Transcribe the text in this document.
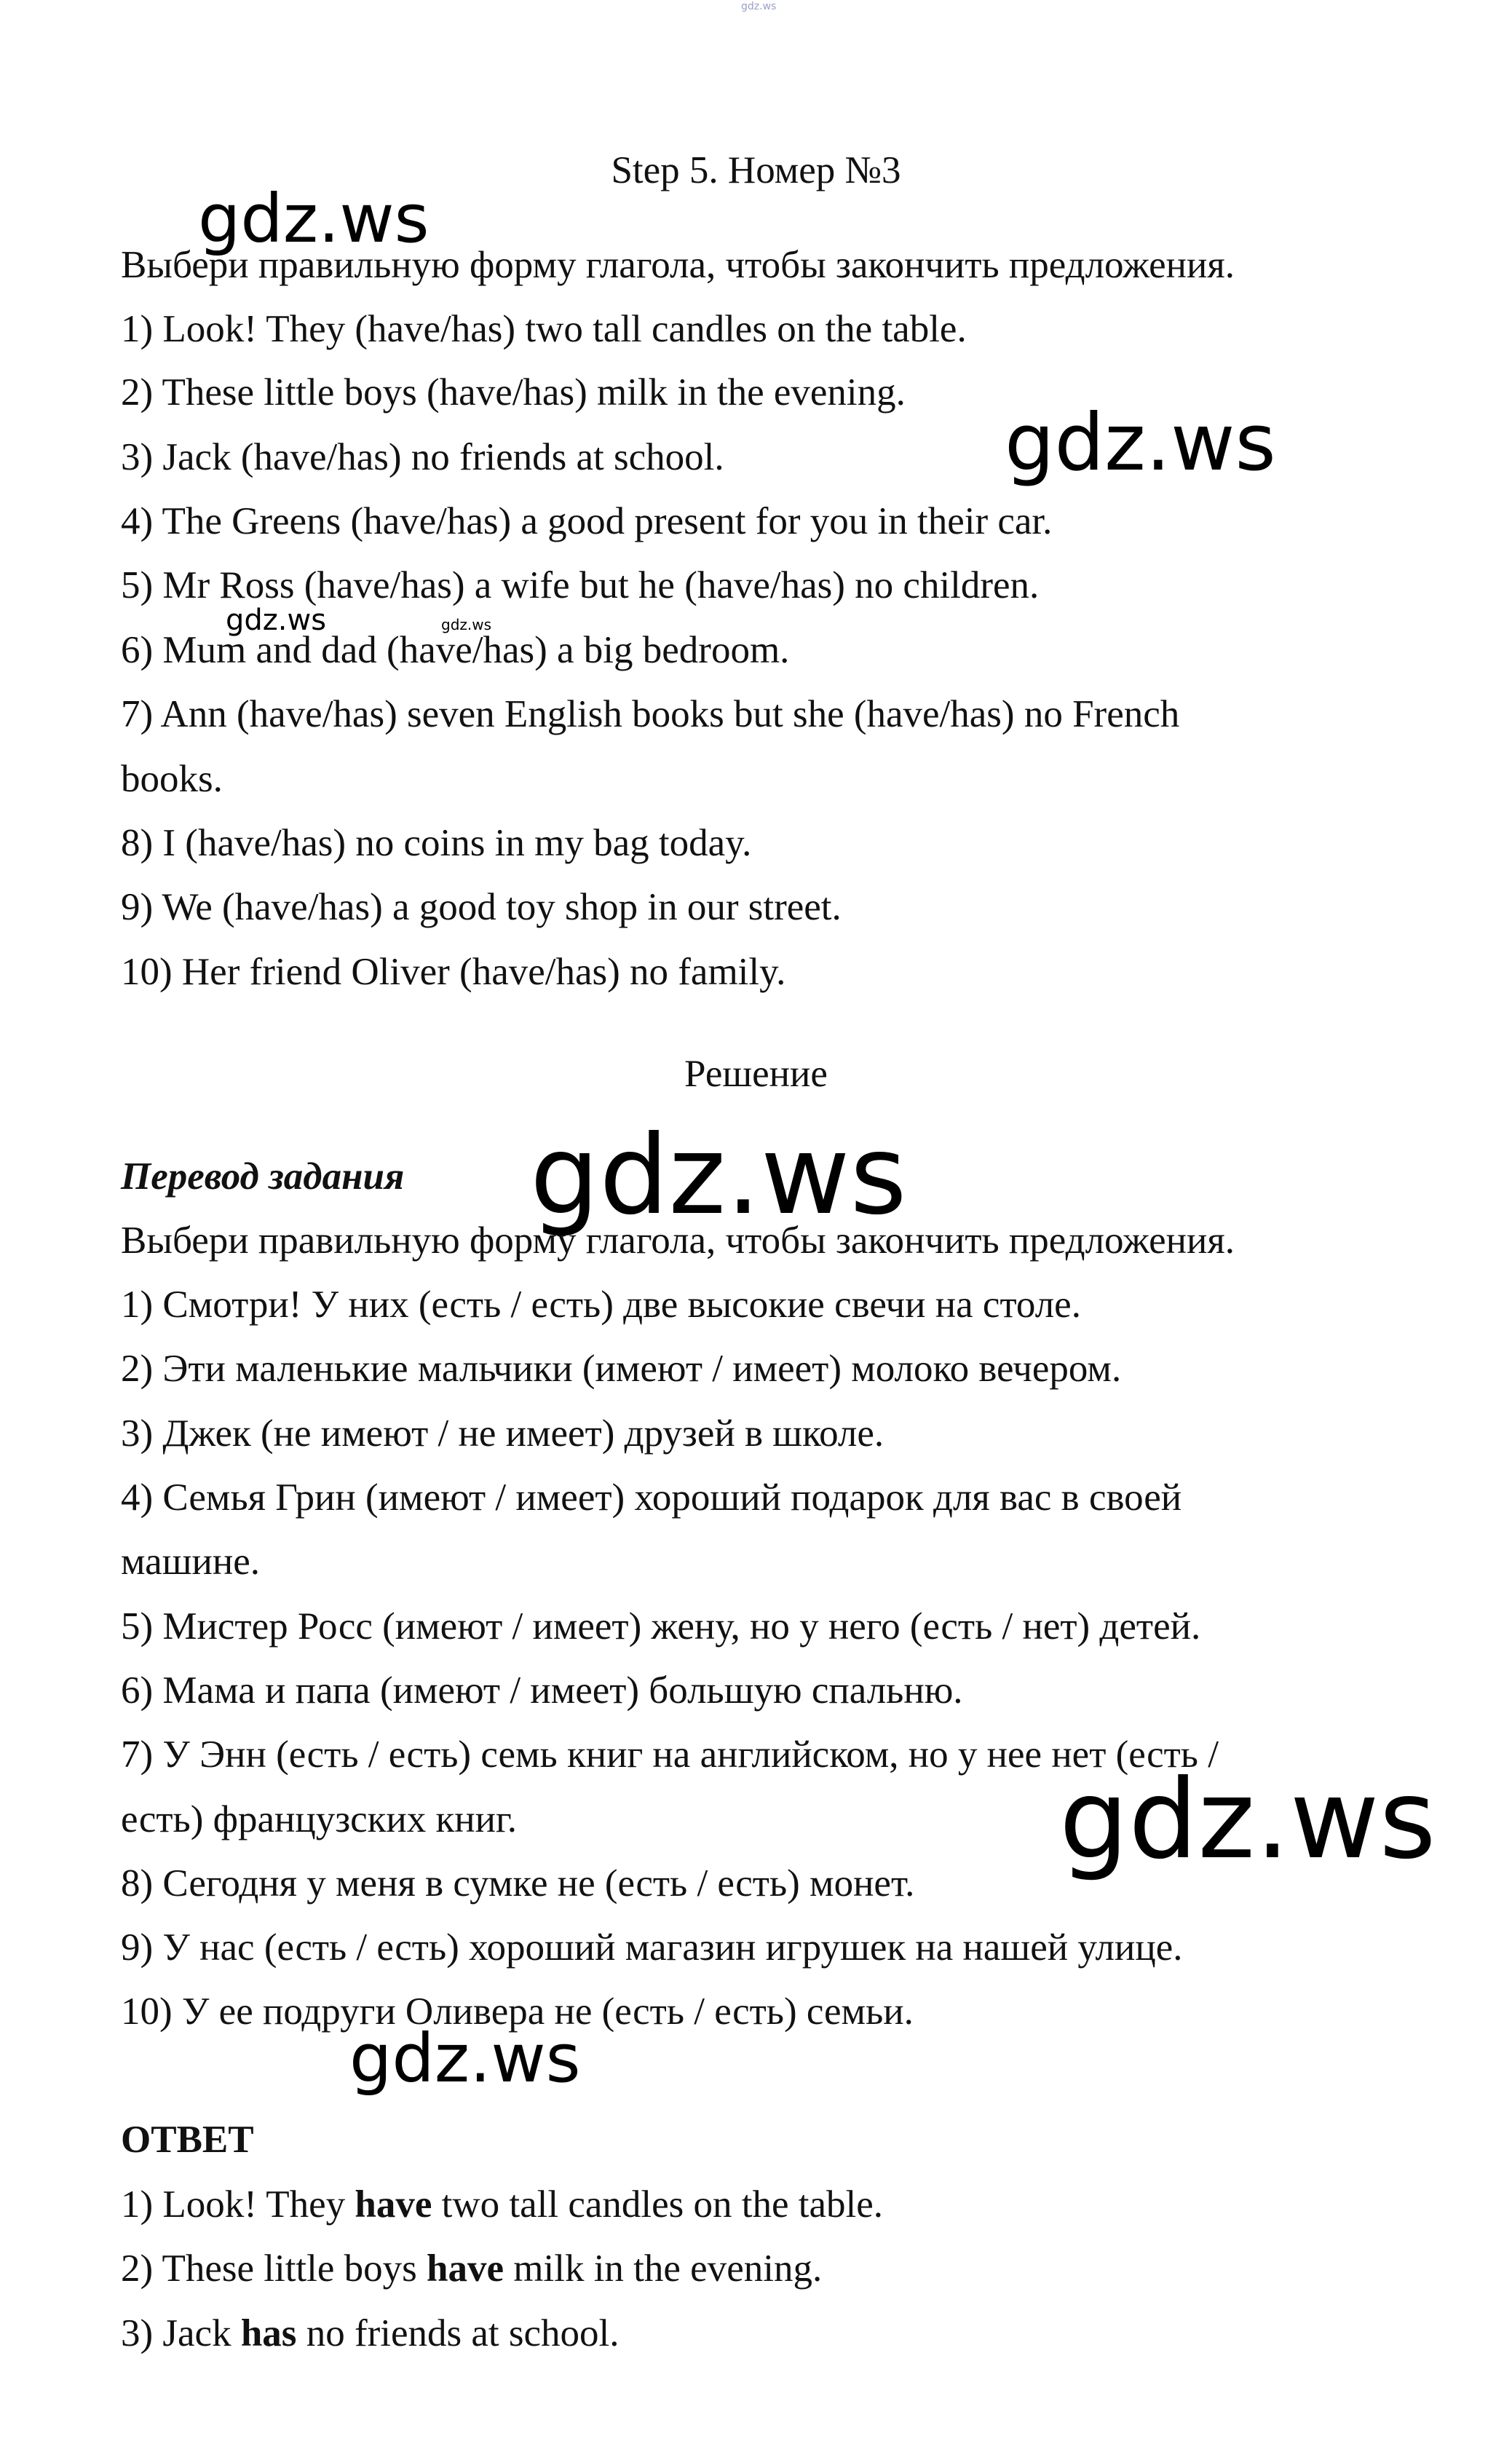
gdz.ws
gdz.ws
gdz.ws
gdz.ws	gdz.ws
gdz.ws
gdz.ws
gdz.ws
Step 5. Номер №3
Выбери правильную форму глагола, чтобы закончить предложения.
1) Look! They (have/has) two tall candles on the table.
2) These little boys (have/has) milk in the evening.
3) Jack (have/has) no friends at school.
4) The Greens (have/has) a good present for you in their car.
5) Mr Ross (have/has) a wife but he (have/has) no children.
6) Mum and dad (have/has) a big bedroom.
7) Ann (have/has) seven English books but she (have/has) no French
books.
8) I (have/has) no coins in my bag today.
9) We (have/has) a good toy shop in our street.
10) Her friend Oliver (have/has) no family.
Решение
Перевод задания
Выбери правильную форму глагола, чтобы закончить предложения.
1) Смотри! У них (есть / есть) две высокие свечи на столе.
2) Эти маленькие мальчики (имеют / имеет) молоко вечером.
3) Джек (не имеют / не имеет) друзей в школе.
4) Семья Грин (имеют / имеет) хороший подарок для вас в своей
машине.
5) Мистер Росс (имеют / имеет) жену, но у него (есть / нет) детей.
6) Мама и папа (имеют / имеет) большую спальню.
7) У Энн (есть / есть) семь книг на английском, но у нее нет (есть /
есть) французских книг.
8) Сегодня у меня в сумке не (есть / есть) монет.
9) У нас (есть / есть) хороший магазин игрушек на нашей улице.
10) У ее подруги Оливера не (есть / есть) семьи.
ОТВЕТ
1) Look! They have two tall candles on the table.
2) These little boys have milk in the evening.
3) Jack has no friends at school.
